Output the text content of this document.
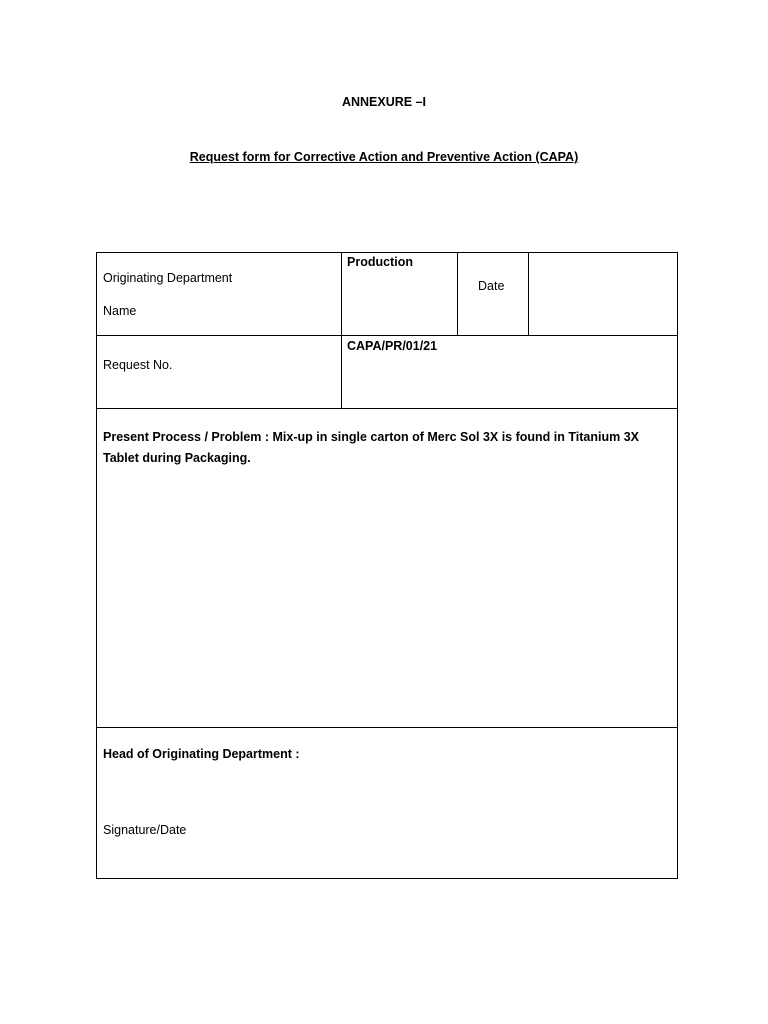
ANNEXURE –I
Request form for Corrective Action and Preventive Action (CAPA)
Originating Department
Name
Production
Date
Request No.
CAPA/PR/01/21
Present Process / Problem : Mix-up in single carton of Merc Sol 3X is found in Titanium 3X Tablet during Packaging.
Head of Originating Department :
Signature/Date
